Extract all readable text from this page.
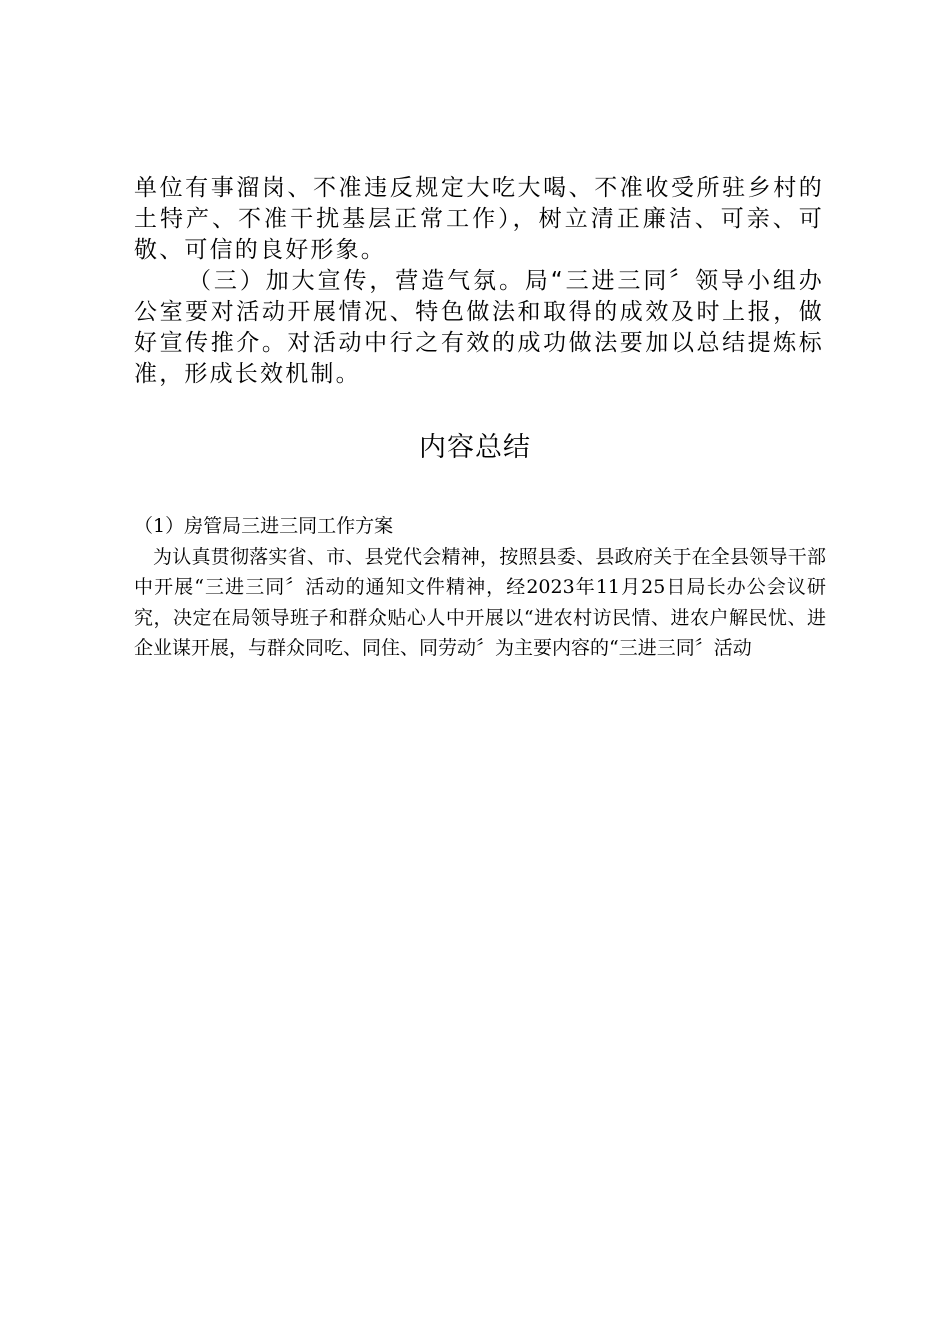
单位有事溜岗、不准违反规定大吃大喝、不准收受所驻乡村的土特产、不准干扰基层正常工作），树立清正廉洁、可亲、可敬、可信的良好形象。

（三）加大宣传，营造气氛。局“三进三同〞领导小组办公室要对活动开展情况、特色做法和取得的成效及时上报，做好宣传推介。对活动中行之有效的成功做法要加以总结提炼标准，形成长效机制。

内容总结

（1）房管局三进三同工作方案

为认真贯彻落实省、市、县党代会精神，按照县委、县政府关于在全县领导干部中开展“三进三同〞活动的通知文件精神，经2023年11月25日局长办公会议研究，决定在局领导班子和群众贴心人中开展以“进农村访民情、进农户解民忧、进企业谋开展，与群众同吃、同住、同劳动〞为主要内容的“三进三同〞活动
